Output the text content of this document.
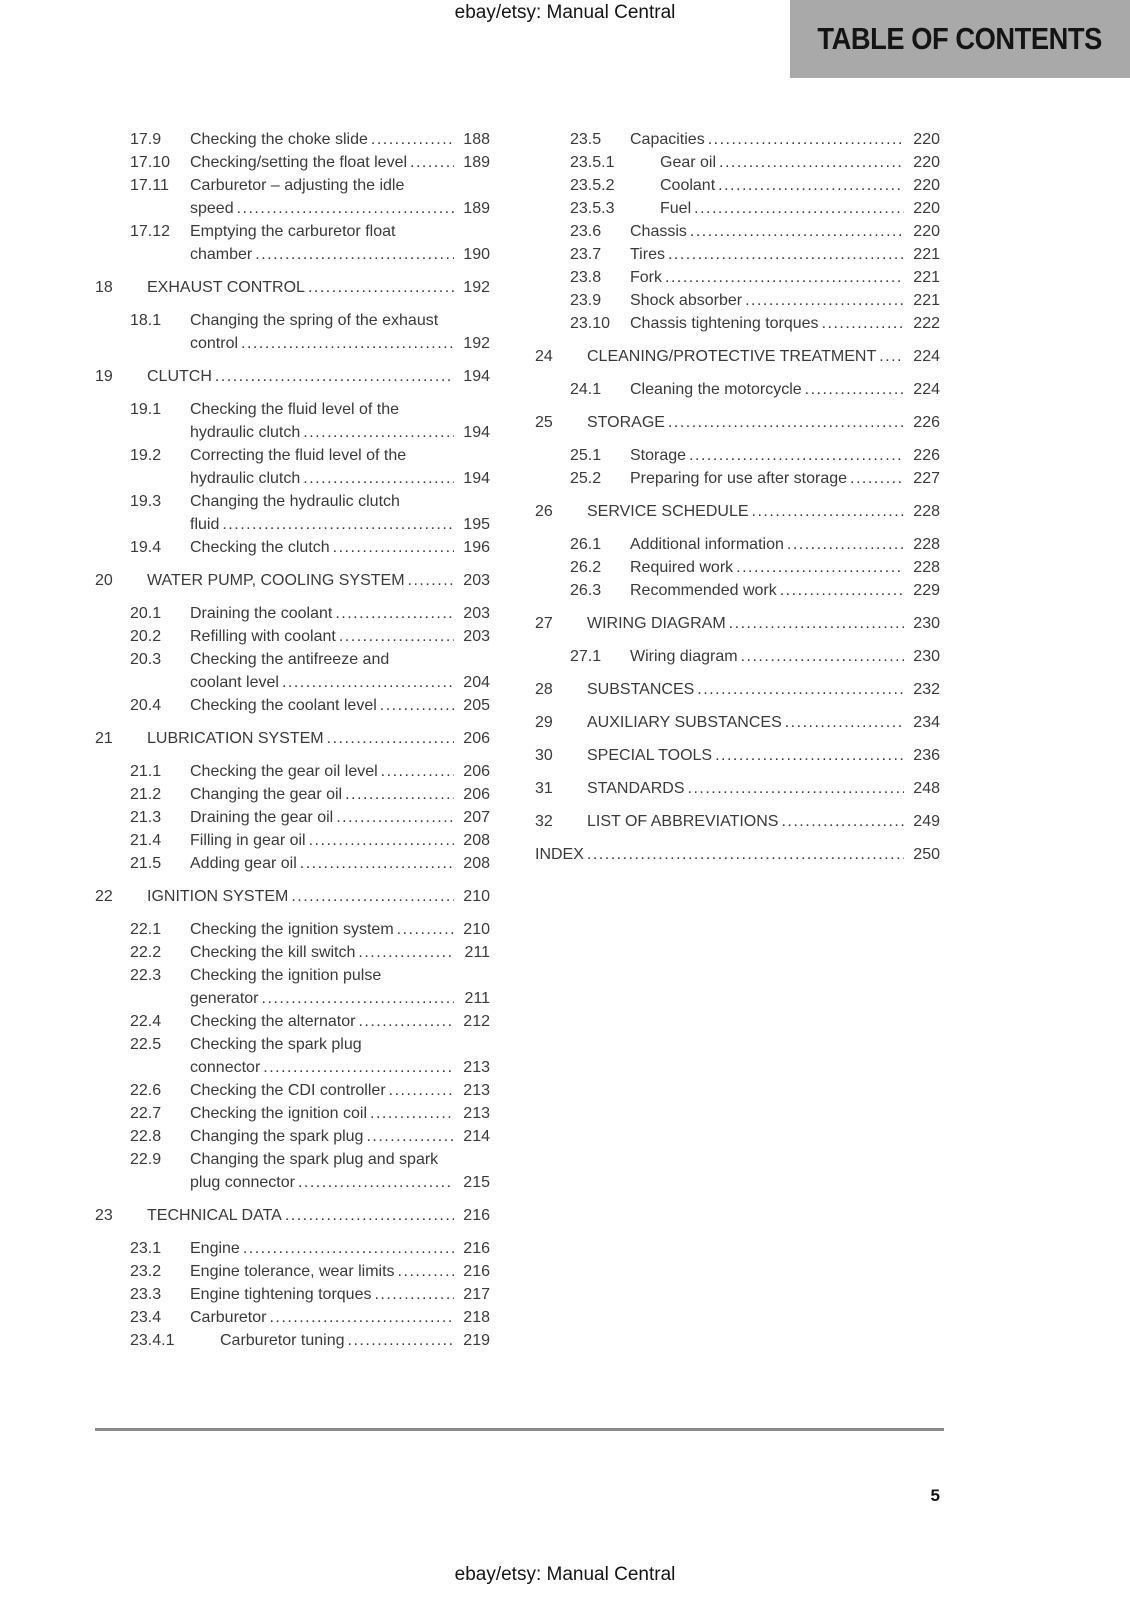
ebay/etsy: Manual Central
TABLE OF CONTENTS
17.9	Checking the choke slide .....	188
17.10	Checking/setting the float level .....	189
17.11	Carburetor – adjusting the idle
speed .....	189
17.12	Emptying the carburetor float
chamber .....	190
18	EXHAUST CONTROL .....	192
18.1	Changing the spring of the exhaust
control .....	192
19	CLUTCH .....	194
19.1	Checking the fluid level of the
hydraulic clutch .....	194
19.2	Correcting the fluid level of the
hydraulic clutch .....	194
19.3	Changing the hydraulic clutch
fluid .....	195
19.4	Checking the clutch .....	196
20	WATER PUMP, COOLING SYSTEM .....	203
20.1	Draining the coolant .....	203
20.2	Refilling with coolant .....	203
20.3	Checking the antifreeze and
coolant level .....	204
20.4	Checking the coolant level .....	205
21	LUBRICATION SYSTEM .....	206
21.1	Checking the gear oil level .....	206
21.2	Changing the gear oil .....	206
21.3	Draining the gear oil .....	207
21.4	Filling in gear oil .....	208
21.5	Adding gear oil .....	208
22	IGNITION SYSTEM .....	210
22.1	Checking the ignition system .....	210
22.2	Checking the kill switch .....	211
22.3	Checking the ignition pulse
generator .....	211
22.4	Checking the alternator .....	212
22.5	Checking the spark plug
connector .....	213
22.6	Checking the CDI controller .....	213
22.7	Checking the ignition coil .....	213
22.8	Changing the spark plug .....	214
22.9	Changing the spark plug and spark
plug connector .....	215
23	TECHNICAL DATA .....	216
23.1	Engine .....	216
23.2	Engine tolerance, wear limits .....	216
23.3	Engine tightening torques .....	217
23.4	Carburetor .....	218
23.4.1	Carburetor tuning .....	219
23.5	Capacities .....	220
23.5.1	Gear oil .....	220
23.5.2	Coolant .....	220
23.5.3	Fuel .....	220
23.6	Chassis .....	220
23.7	Tires .....	221
23.8	Fork .....	221
23.9	Shock absorber .....	221
23.10	Chassis tightening torques .....	222
24	CLEANING/PROTECTIVE TREATMENT .....	224
24.1	Cleaning the motorcycle .....	224
25	STORAGE .....	226
25.1	Storage .....	226
25.2	Preparing for use after storage .....	227
26	SERVICE SCHEDULE .....	228
26.1	Additional information .....	228
26.2	Required work .....	228
26.3	Recommended work .....	229
27	WIRING DIAGRAM .....	230
27.1	Wiring diagram .....	230
28	SUBSTANCES .....	232
29	AUXILIARY SUBSTANCES .....	234
30	SPECIAL TOOLS .....	236
31	STANDARDS .....	248
32	LIST OF ABBREVIATIONS .....	249
INDEX .....	250
5
ebay/etsy: Manual Central
